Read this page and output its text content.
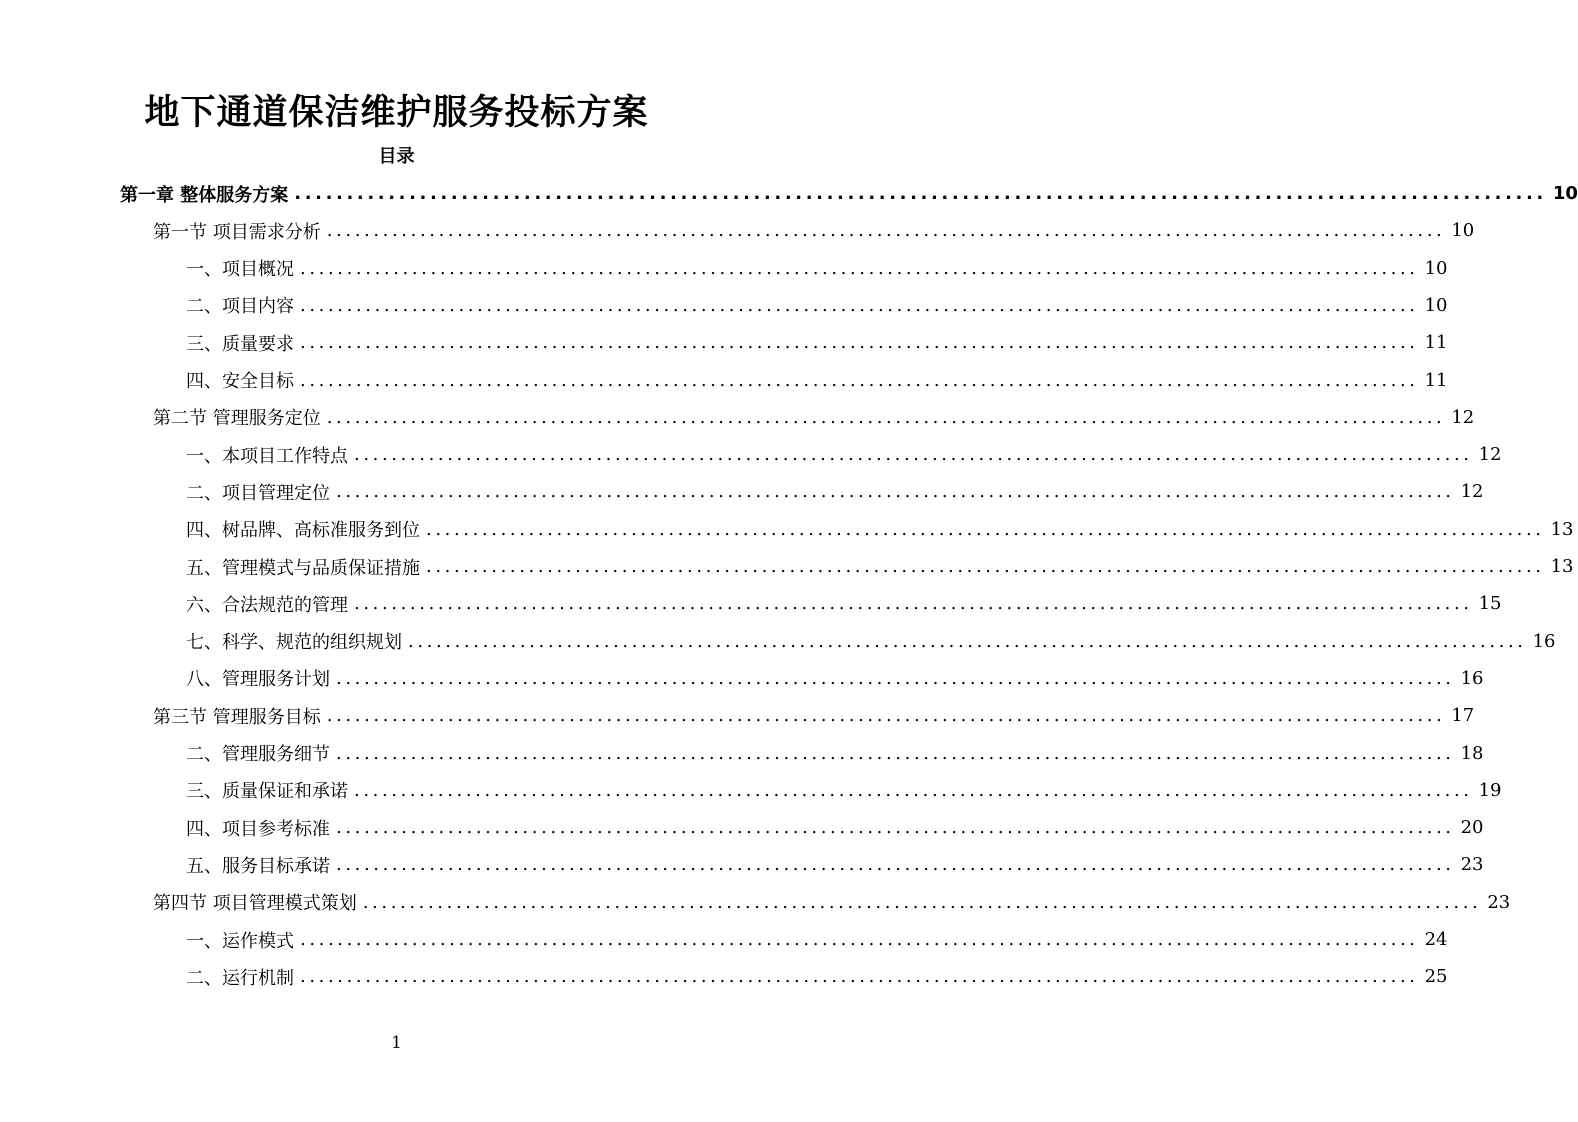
地下通道保洁维护服务投标方案
目录
第一章 整体服务方案 ........................................................................................................................ 10
第一节 项目需求分析 ........................................................................................................................ 10
一、项目概况 ........................................................................................................................ 10
二、项目内容 ........................................................................................................................ 10
三、质量要求 ........................................................................................................................ 11
四、安全目标 ........................................................................................................................ 11
第二节 管理服务定位 ........................................................................................................................ 12
一、本项目工作特点 ........................................................................................................................ 12
二、项目管理定位 ........................................................................................................................ 12
四、树品牌、高标准服务到位 ........................................................................................................................ 13
五、管理模式与品质保证措施 ........................................................................................................................ 13
六、合法规范的管理 ........................................................................................................................ 15
七、科学、规范的组织规划 ........................................................................................................................ 16
八、管理服务计划 ........................................................................................................................ 16
第三节 管理服务目标 ........................................................................................................................ 17
二、管理服务细节 ........................................................................................................................ 18
三、质量保证和承诺 ........................................................................................................................ 19
四、项目参考标准 ........................................................................................................................ 20
五、服务目标承诺 ........................................................................................................................ 23
第四节 项目管理模式策划 ........................................................................................................................ 23
一、运作模式 ........................................................................................................................ 24
二、运行机制 ........................................................................................................................ 25
1
